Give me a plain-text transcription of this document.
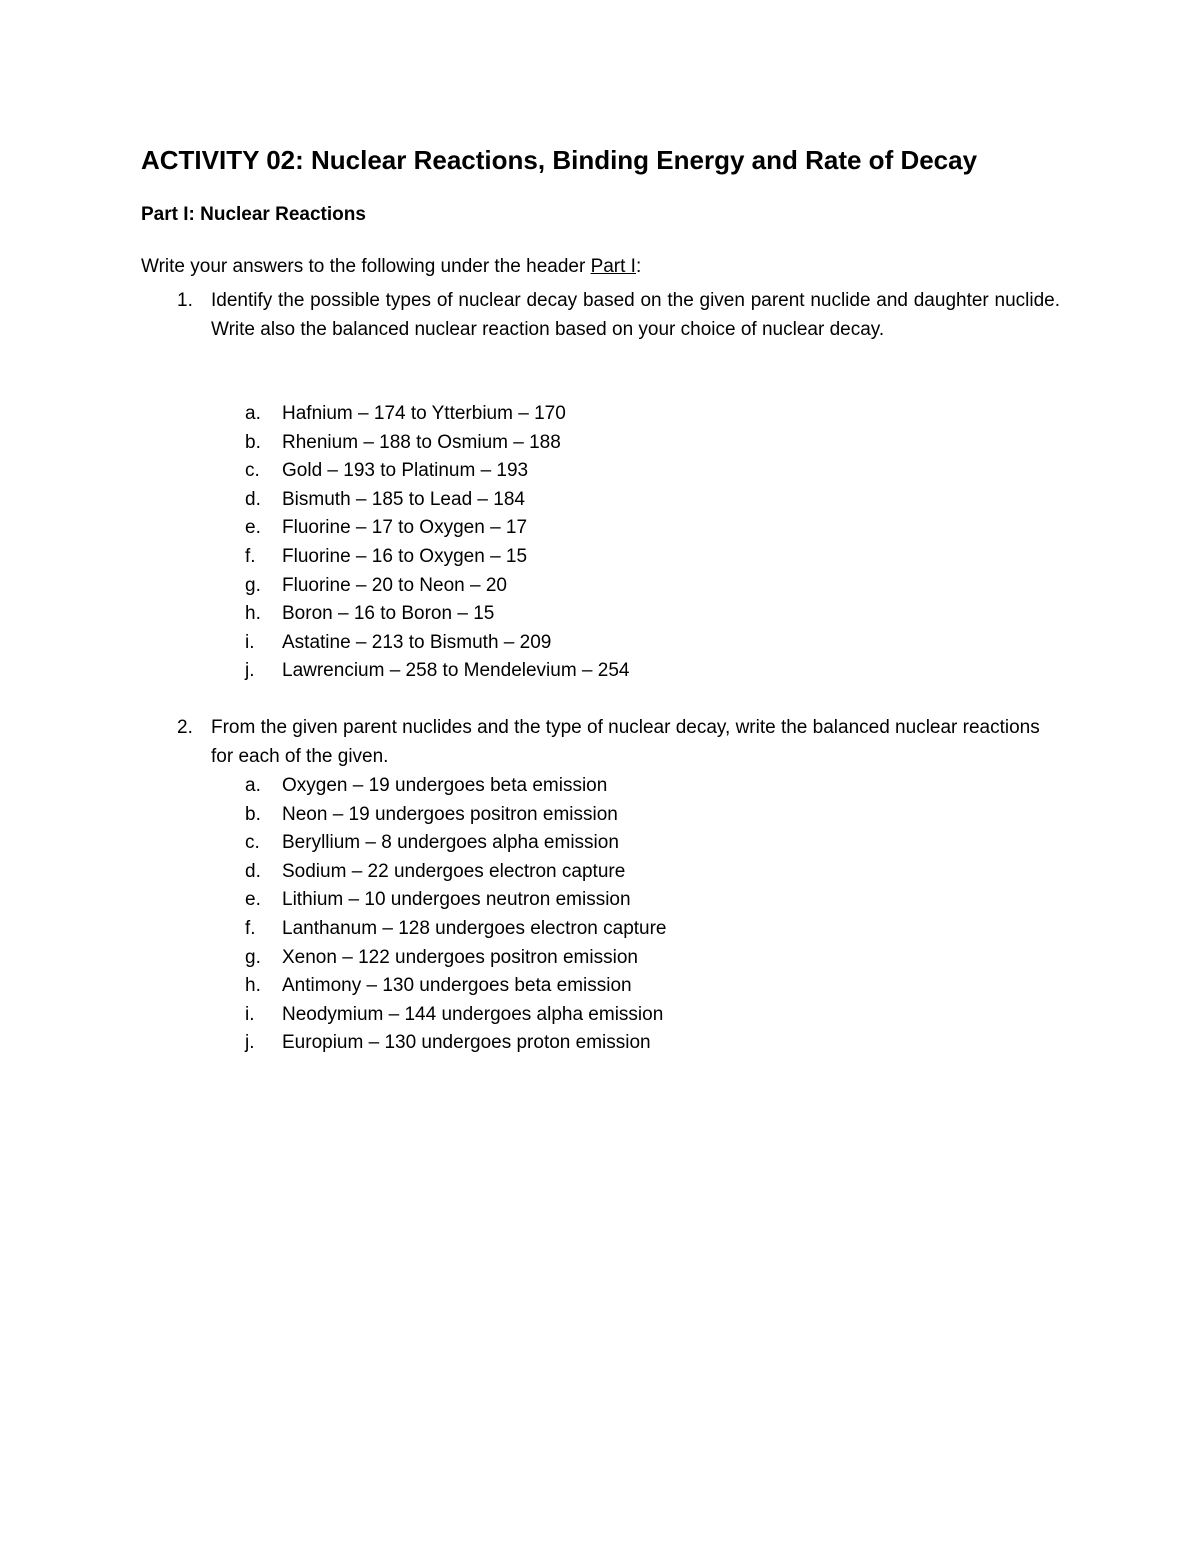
ACTIVITY 02: Nuclear Reactions, Binding Energy and Rate of Decay
Part I: Nuclear Reactions
Write your answers to the following under the header Part I:
1. Identify the possible types of nuclear decay based on the given parent nuclide and daughter nuclide. Write also the balanced nuclear reaction based on your choice of nuclear decay.
a. Hafnium – 174 to Ytterbium – 170
b. Rhenium – 188 to Osmium – 188
c. Gold – 193 to Platinum – 193
d. Bismuth – 185 to Lead – 184
e. Fluorine – 17 to Oxygen – 17
f. Fluorine – 16 to Oxygen – 15
g. Fluorine – 20 to Neon – 20
h. Boron – 16 to Boron – 15
i. Astatine – 213 to Bismuth – 209
j. Lawrencium – 258 to Mendelevium – 254
2. From the given parent nuclides and the type of nuclear decay, write the balanced nuclear reactions for each of the given.
a. Oxygen – 19 undergoes beta emission
b. Neon – 19 undergoes positron emission
c. Beryllium – 8 undergoes alpha emission
d. Sodium – 22 undergoes electron capture
e. Lithium – 10 undergoes neutron emission
f. Lanthanum – 128 undergoes electron capture
g. Xenon – 122 undergoes positron emission
h. Antimony – 130 undergoes beta emission
i. Neodymium – 144 undergoes alpha emission
j. Europium – 130 undergoes proton emission
